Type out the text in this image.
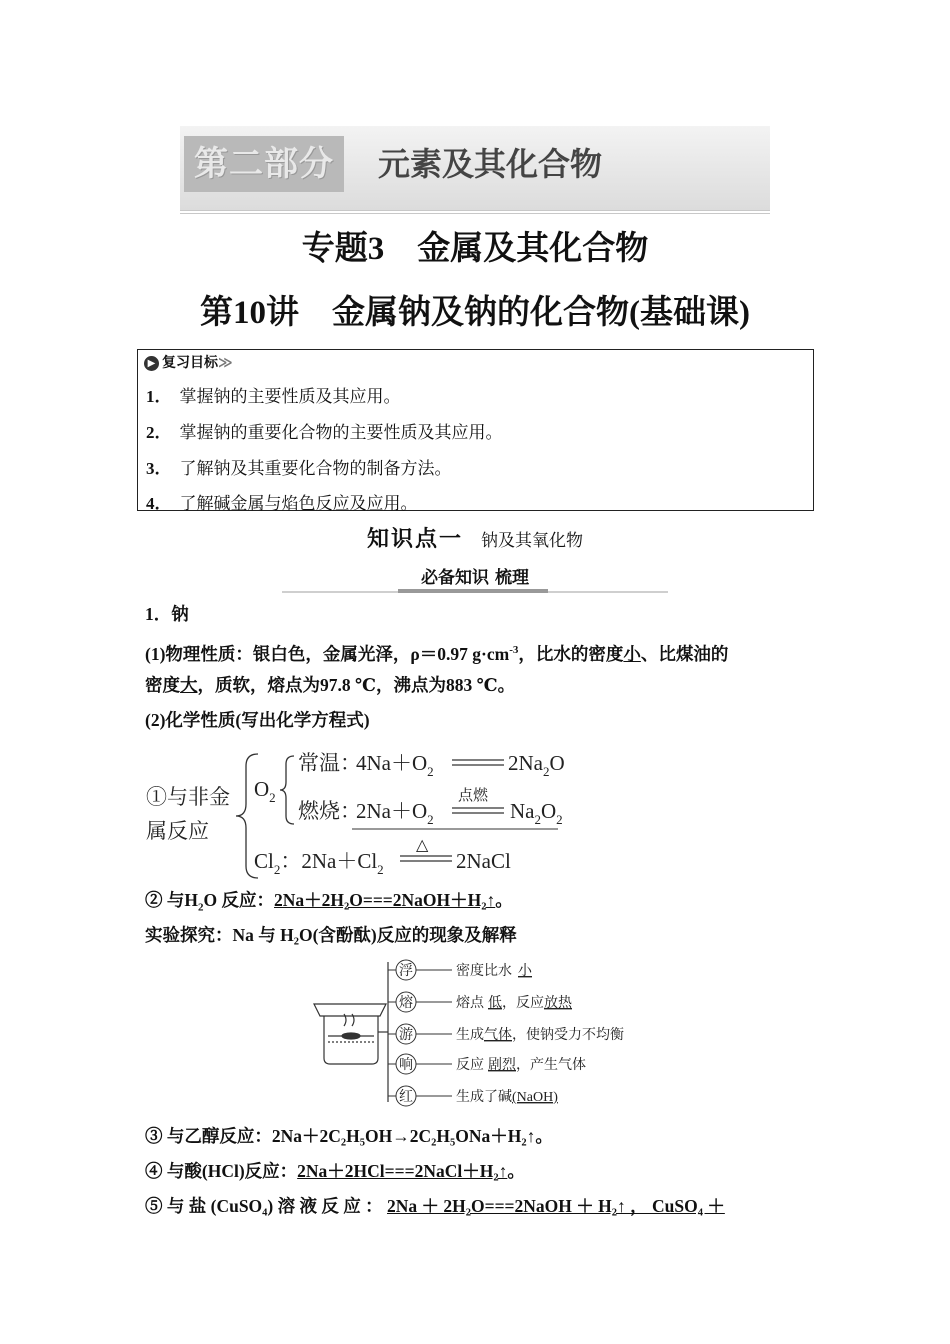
第二部分	元素及其化合物
专题3　金属及其化合物
第10讲　金属钠及钠的化合物(基础课)
▶ 复习目标≫
1． 掌握钠的主要性质及其应用。
2． 掌握钠的重要化合物的主要性质及其应用。
3． 了解钠及其重要化合物的制备方法。
4． 了解碱金属与焰色反应及应用。
知识点一 钠及其氧化物
必备知识 梳理
1．钠
(1)物理性质：银白色，金属光泽，ρ＝0.97 $g\cdot cm^{-3}$，比水的密度小、比煤油的
密度大，质软，熔点为97.8 ℃，沸点为883 ℃。
(2)化学性质(写出化学方程式)
①与非金
属反应
$O_2$
常温：
$4Na+O_2$	$2Na_2O$
燃烧：
$2Na+O_2$
点燃
$Na_2O_2$
$Cl_2$：$2Na+Cl_2$
△
2NaCl
② 与$H_2O$ 反应：2Na＋2H₂O===2NaOH＋H₂↑。
实验探究：Na 与 H₂O(含酚酞)反应的现象及解释
浮	密度比水 小
熔	熔点 低，反应放热
游	生成气体，使钠受力不均衡
响	反应 剧烈，产生气体
红	生成了碱(NaOH)
③ 与乙醇反应：2Na＋2C₂H₅OH→2C₂H₅ONa＋H₂↑。
④ 与酸(HCl)反应：2Na＋2HCl===2NaCl＋H₂↑。
⑤ 与 盐 (CuSO₄) 溶 液 反 应 ： 2Na ＋ 2H₂O===2NaOH ＋ H₂↑ ， CuSO₄ ＋
